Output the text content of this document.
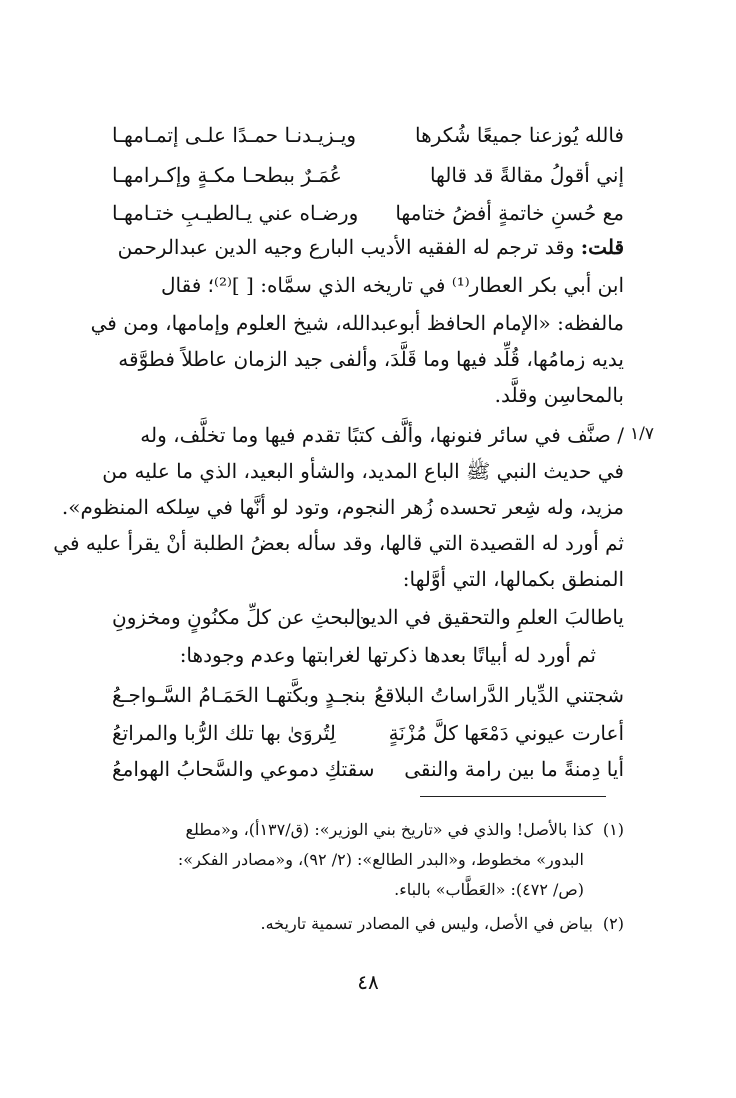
فالله يُوزعنا جميعًا شُكرها
ويـزيـدنـا حمـدًا علـى إتمـامهـا
إني أقولُ مقالةً قد قالها
عُمَـرٌ ببطحـا مكـةٍ وإكـرامهـا
مع حُسنِ خاتمةٍ أفضُ ختامها
ورضـاه عني يـالطيـبِ ختـامهـا
قلت: وقد ترجم له الفقيه الأديب البارع وجيه الدين عبدالرحمن
ابن أبي بكر العطار⁽¹⁾ في تاريخه الذي سمَّاه: [ ]⁽²⁾؛ فقال
مالفظه: «الإمام الحافظ أبوعبدالله، شيخ العلوم وإمامها، ومن في
يديه زمامُها، قُلِّد فيها وما قَلَّدَ، وألفى جيد الزمان عاطلاً فطوَّقه
بالمحاسِن وقلَّد.
١/٧
/ صنَّف في سائر فنونها، وألَّف كتبًا تقدم فيها وما تخلَّف، وله
في حديث النبي ﷺ الباع المديد، والشأو البعيد، الذي ما عليه من
مزيد، وله شِعر تحسده زُهر النجوم، وتود لو أنَّها في سِلكه المنظوم».
ثم أورد له القصيدة التي قالها، وقد سأله بعضُ الطلبة أنْ يقرأ عليه في
المنطق بكمالها، التي أوَّلها:
ياطالبَ العلمِ والتحقيق في الدين
والبحثِ عن كلِّ مكنُونٍ ومخزونِ
ثم أورد له أبياتًا بعدها ذكرتها لغرابتها وعدم وجودها:
شجتني الدِّيار الدَّراساتُ البلاقعُ
بنجـدٍ وبكَّتهـا الحَمَـامُ السَّـواجـعُ
أعارت عيوني دَمْعَها كلَّ مُزْنَةٍ
لِتُروَىٰ بها تلك الرُّبا والمراتعُ
أيا دِمنةً ما بين رامة والنقى
سقتكِ دموعي والسَّحابُ الهوامعُ
(١)كذا بالأصل! والذي في «تاريخ بني الوزير»: (ق/١٣٧أ)، و«مطلع
البدور» مخطوط، و«البدر الطالع»: (٢/ ٩٢)، و«مصادر الفكر»:
(ص/ ٤٧٢): «العَطَّاب» بالباء.
(٢)بياض في الأصل، وليس في المصادر تسمية تاريخه.
٤٨
